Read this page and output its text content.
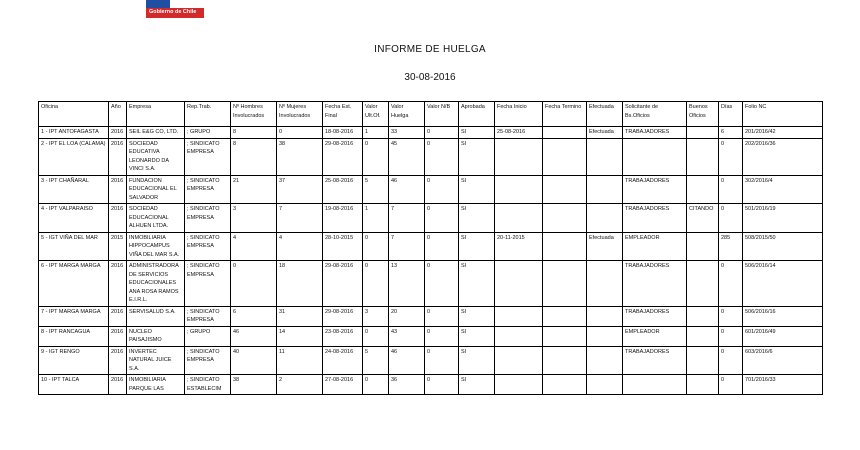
Gobierno de Chile
INFORME DE HUELGA
30-08-2016
Oficina	Año	Empresa	Rep.Trab.	Nº Hombres Involucrados	Nº Mujeres Involucrados	Fecha Est. Final	Valor Ult.Of.	Valor Huelga	Valor N/B	Aprobada	Fecha Inicio	Fecha Termino	Efectuada	Solicitante de Bs.Oficios	Buenos Oficios	Días	Folio NC
1 - IPT ANTOFAGASTA	2016	SEIL E&G CO, LTD.	; GRUPO	8	0	18-08-2016	1	33	0	SI	25-08-2016		Efectuada	TRABAJADORES		6	201/2016/42
2 - IPT EL LOA (CALAMA)	2016	SOCIEDAD EDUCATIVA LEONARDO DA VINCI S.A.	; SINDICATO EMPRESA	8	38	29-08-2016	0	45	0	SI						0	202/2016/36
3 - IPT CHAÑARAL	2016	FUNDACION EDUCACIONAL EL SALVADOR	; SINDICATO EMPRESA	21	37	25-08-2016	5	46	0	SI				TRABAJADORES		0	302/2016/4
4 - IPT VALPARAISO	2016	SOCIEDAD EDUCACIONAL ALHUEN LTDA.	; SINDICATO EMPRESA	3	7	19-08-2016	1	7	0	SI				TRABAJADORES	CITANDO	0	501/2016/19
5 - IGT VIÑA DEL MAR	2015	INMOBILIARIA HIPPOCAMPUS VIÑA DEL MAR S.A.	; SINDICATO EMPRESA	4	4	28-10-2015	0	7	0	SI	20-11-2015		Efectuada	EMPLEADOR		285	508/2015/50
6 - IPT MARGA MARGA	2016	ADMINISTRADORA DE SERVICIOS EDUCACIONALES ANA ROSA RAMOS E.I.R.L.	; SINDICATO EMPRESA	0	18	29-08-2016	0	13	0	SI				TRABAJADORES		0	506/2016/14
7 - IPT MARGA MARGA	2016	SERVISALUD S.A.	; SINDICATO EMPRESA	6	31	29-08-2016	3	20	0	SI				TRABAJADORES		0	506/2016/16
8 - IPT RANCAGUA	2016	NUCLEO PAISAJISMO	; GRUPO	46	14	23-08-2016	0	43	0	SI				EMPLEADOR		0	601/2016/49
9 - IGT RENGO	2016	INVERTEC NATURAL JUICE S.A.	; SINDICATO EMPRESA	40	11	24-08-2016	5	46	0	SI				TRABAJADORES		0	603/2016/6
10 - IPT TALCA	2016	INMOBILIARIA PARQUE LAS	; SINDICATO ESTABLECIM	38	2	27-08-2016	0	36	0	SI						0	701/2016/33
